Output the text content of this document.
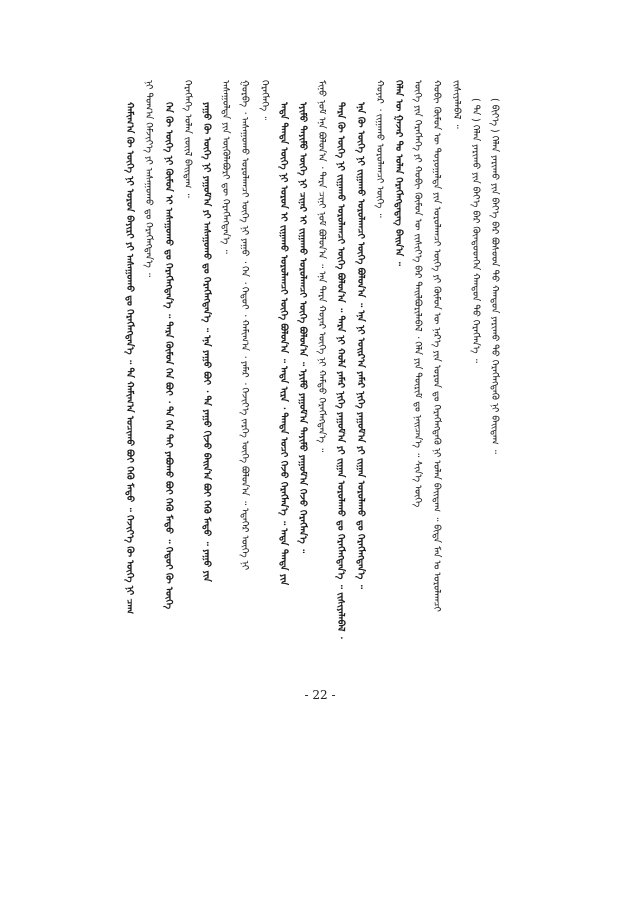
( ᠪᠢᠶ᠎ᠡ ) ᠬᠡᠯᠡᠨ ᠶᠠᠷᠢᠬᠤ᠌ ᠶᠢᠨ ᠪᠡᠶ᠎ᠡ ᠪᠡᠷ ᠪᠤᠰᠤᠳ ᠲᠤ᠌ ᠬᠠᠨᠳᠤᠨ ᠶᠠᠷᠢᠬᠤ᠌ ᠳᠤ᠌ ᠬᠡᠷᠡᠭᠯᠡᠭᠳᠡᠬᠦ ᠨᠢ ᠪᠠᠢᠳᠠᠭ ᠃
( ᠲᠠ ) ᠬᠡᠯᠡᠨ ᠶᠠᠷᠢᠬᠤ᠌ ᠶᠢᠨ ᠪᠡᠶ᠎ᠡ ᠪᠡᠷ ᠬᠦᠨᠳᠦᠳᠬᠡᠨ ᠬᠠᠨᠳᠤᠨ ᠲᠤ᠌ ᠬᠡᠷᠡᠭᠯᠡᠨ᠎ᠡ ᠃
ᠵᠢᠱᠢᠶᠡᠯᠡᠪᠡᠯ ᠃
ᠬᠤᠪᠢ ᠬᠦᠮᠦᠨ ᠦ ᠲᠤᠶᠤᠭᠠᠯᠲᠠ ᠶᠢᠨ ᠣᠷᠣᠯᠠᠭᠴᠢ ᠦᠭᠡ ᠶᠢ ᠬᠦᠮᠦᠨ ᠦ ᠨᠡᠷ᠎ᠡ ᠶᠢᠨ ᠣᠷᠣᠨ ᠳᠤ ᠬᠡᠷᠡᠭᠯᠡᠭᠳᠡᠬᠦ ᠨᠢ ᠣᠯᠠᠨ ᠪᠠᠢᠳᠠᠭ ᠃ ᠪᠢᠳᠡ ᠮᠠᠨ ᠤ ᠣᠷᠣᠯᠠᠭᠴᠢ
ᠦᠭᠡ ᠶᠢᠨ ᠬᠡᠷᠡᠭᠯᠡᠭᠡ ᠶᠢ ᠬᠤᠪᠢ ᠬᠦᠮᠦᠨ ᠦ ᠵᠢᠱᠢᠶ᠎ᠡ ᠪᠡᠷ ᠲᠠᠢᠯᠪᠤᠷᠢᠯᠠᠪᠠᠯ ᠂ ᠬᠡᠯᠡ ᠶᠢᠨ ᠳᠦᠷᠢᠮ ᠳᠤ ᠨᠡᠢᠴᠡᠨ᠎ᠡ ᠃ ᠰᠢᠨ᠎ᠡ ᠦᠭᠡ
ᠬᠡᠯᠡᠨ ᠦ ᠭᠠᠵᠠᠷ ᠲᠤ ᠣᠯᠠᠨ ᠬᠡᠷᠡᠭᠯᠡᠭᠳᠡᠳᠡᠭ ᠪᠠᠢᠨ᠎ᠠ ᠃
ᠬᠣᠶᠠᠷ ᠂ ᠵᠢᠭᠠᠬᠤ ᠣᠷᠣᠯᠠᠭᠴᠢ ᠦᠭᠡ ᠃
ᠡᠨᠡ ᠬᠦ ᠦᠭᠡ ᠨᠢ ᠵᠢᠭᠠᠬᠤ ᠣᠷᠣᠯᠠᠭᠴᠢ ᠦᠭᠡ ᠪᠣᠯᠤᠨ᠎ᠠ ᠃ ᠡᠨᠡ ᠨᠢ ᠣᠢᠷ᠎ᠠ ᠶᠠᠮᠠᠷ ᠨᠢᠭᠡ ᠶᠠᠭᠤᠮ᠎ᠠ ᠶᠢ ᠵᠢᠭᠠᠨ ᠣᠷᠣᠯᠠᠬᠤ ᠳᠤ ᠬᠡᠷᠡᠭᠯᠡᠭᠳᠡᠨ᠎ᠡ ᠃
ᠲᠡᠷᠡ ᠬᠦ ᠦᠭᠡ ᠨᠢ ᠵᠢᠭᠠᠬᠤ ᠣᠷᠣᠯᠠᠭᠴᠢ ᠦᠭᠡ ᠪᠣᠯᠤᠨ᠎ᠠ ᠃ ᠲᠡᠷᠡ ᠨᠢ ᠬᠣᠯᠠ ᠶᠠᠮᠠᠷ ᠨᠢᠭᠡ ᠶᠠᠭᠤᠮ᠎ᠠ ᠶᠢ ᠵᠢᠭᠠᠨ ᠣᠷᠣᠯᠠᠬᠤ ᠳᠤ ᠬᠡᠷᠡᠭᠯᠡᠭᠳᠡᠨ᠎ᠡ ᠃ ᠵᠢᠱᠢᠶᠡᠯᠡᠪᠡᠯ ᠂
ᠮᠢᠨᠤ ᠨᠣᠮ ᠡᠨᠡ ᠪᠣᠯᠤᠨ᠎ᠠ ᠂ ᠲᠡᠷᠡ ᠴᠢᠨᠢ ᠨᠣᠮ ᠪᠣᠯᠤᠨ᠎ᠠ ᠃ ᠡᠨᠡ ᠲᠡᠷᠡ ᠬᠣᠶᠠᠷ ᠦᠭᠡ ᠨᠢ ᠬᠠᠮᠲᠤ ᠬᠡᠷᠡᠭᠯᠡᠭᠳᠡᠨ᠎ᠡ ᠃
ᠡᠶᠢᠮᠦ ᠲᠡᠶᠢᠮᠦ ᠦᠭᠡ ᠨᠢ ᠴᠢᠨᠠᠷ ᠢ ᠵᠢᠭᠠᠬᠤ ᠣᠷᠣᠯᠠᠭᠴᠢ ᠦᠭᠡ ᠪᠣᠯᠤᠨ᠎ᠠ ᠃ ᠡᠶᠢᠮᠦ ᠶᠠᠭᠤᠮ᠎ᠠ ᠲᠡᠶᠢᠮᠦ ᠶᠠᠭᠤᠮ᠎ᠠ ᠭᠡᠵᠦ ᠬᠡᠷᠡᠭᠯᠡᠨ᠎ᠡ ᠃
ᠡᠨᠳᠡ ᠲᠡᠨᠳᠡ ᠦᠭᠡ ᠨᠢ ᠣᠷᠣᠨ ᠢ ᠵᠢᠭᠠᠬᠤ ᠣᠷᠣᠯᠠᠭᠴᠢ ᠦᠭᠡ ᠪᠣᠯᠤᠨ᠎ᠠ ᠃ ᠡᠨᠳᠡ ᠢᠷᠡ ᠂ ᠲᠡᠨᠳᠡ ᠣᠴᠢ ᠭᠡᠵᠦ ᠬᠡᠷᠡᠭᠯᠡᠨ᠎ᠡ ᠃ ᠡᠨᠳᠡ ᠲᠡᠨᠳᠡ ᠶᠢᠨ
ᠬᠡᠷᠡᠭᠯᠡᠭᠡ ᠃
ᠭᠤᠷᠪᠠ ᠂ ᠠᠰᠠᠭᠤᠬᠤ ᠣᠷᠣᠯᠠᠭᠴᠢ ᠦᠭᠡ ᠨᠢ ᠶᠠᠭᠤ ᠂ ᠬᠡᠨ ᠂ ᠬᠡᠳᠦᠢ ᠂ ᠬᠠᠮᠢᠭ᠎ᠠ ᠂ ᠶᠠᠮᠠᠷ ᠂ ᠬᠡᠵᠢᠶ᠎ᠡ ᠵᠡᠷᠭᠡ ᠦᠭᠡ ᠪᠣᠯᠤᠨ᠎ᠠ ᠃ ᠡᠳᠡᠭᠡᠷ ᠦᠭᠡ ᠨᠢ
ᠠᠰᠠᠭᠤᠯᠲᠠ ᠶᠢᠨ ᠥᠭᠦᠯᠡᠪᠦᠷᠢ ᠳᠦ ᠬᠡᠷᠡᠭᠯᠡᠭᠳᠡᠨ᠎ᠡ ᠃
ᠶᠠᠭᠤ ᠬᠦ ᠦᠭᠡ ᠨᠢ ᠶᠠᠭᠤᠮ᠎ᠠ ᠶᠢ ᠠᠰᠠᠭᠤᠬᠤ ᠳᠤ ᠬᠡᠷᠡᠭᠯᠡᠭᠳᠡᠨ᠎ᠡ ᠃ ᠡᠨᠡ ᠶᠠᠭᠤ ᠪᠤᠢ ᠂ ᠲᠠ ᠶᠠᠭᠤ ᠬᠢᠵᠦ ᠪᠠᠢᠨ᠎ᠠ ᠪᠤᠢ ᠭᠡᠬᠦ ᠮᠡᠲᠦ ᠃ ᠶᠠᠭᠤ ᠶᠢᠨ
ᠬᠡᠷᠡᠭᠯᠡᠭᠡ ᠣᠯᠠᠨ ᠵᠦᠢᠯ ᠪᠠᠢᠳᠠᠭ ᠃
ᠬᠡᠨ ᠬᠦ ᠦᠭᠡ ᠨᠢ ᠬᠦᠮᠦᠨ ᠢ ᠠᠰᠠᠭᠤᠬᠤ ᠳᠤ ᠬᠡᠷᠡᠭᠯᠡᠭᠳᠡᠨ᠎ᠡ ᠃ ᠲᠡᠷᠡ ᠬᠦᠮᠦᠨ ᠬᠡᠨ ᠪᠤᠢ ᠂ ᠲᠠ ᠬᠡᠨ ᠲᠡᠢ ᠶᠠᠪᠤᠬᠤ ᠪᠤᠢ ᠭᠡᠬᠦ ᠮᠡᠲᠦ ᠃ ᠬᠡᠳᠦᠢ ᠬᠦ ᠦᠭᠡ
ᠨᠢ ᠲᠣᠭ᠎ᠠ ᠬᠡᠮᠵᠢᠶ᠎ᠡ ᠶᠢ ᠠᠰᠠᠭᠤᠬᠤ ᠳᠤ ᠬᠡᠷᠡᠭᠯᠡᠭᠳᠡᠨ᠎ᠡ ᠃
ᠬᠠᠮᠢᠭ᠎ᠠ ᠬᠦ ᠦᠭᠡ ᠨᠢ ᠣᠷᠣᠨ ᠪᠠᠶᠢᠷᠢ ᠶᠢ ᠠᠰᠠᠭᠤᠬᠤ ᠳᠤ ᠬᠡᠷᠡᠭᠯᠡᠭᠳᠡᠨ᠎ᠡ ᠃ ᠲᠠ ᠬᠠᠮᠢᠭ᠎ᠠ ᠣᠴᠢᠬᠤ ᠪᠤᠢ ᠭᠡᠬᠦ ᠮᠡᠲᠦ ᠃ ᠬᠡᠵᠢᠶ᠎ᠡ ᠬᠦ ᠦᠭᠡ ᠨᠢ ᠴᠠᠭ
- 22 -
